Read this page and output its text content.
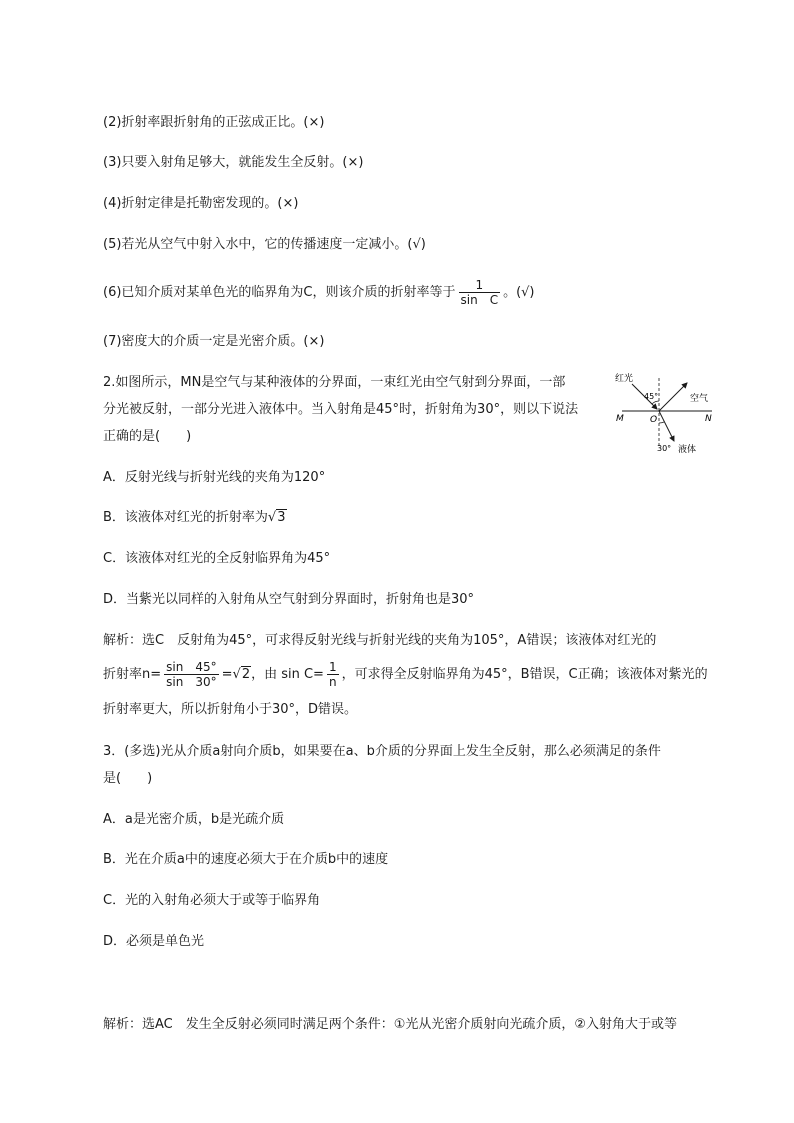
(2)折射率跟折射角的正弦成正比。(×)
(3)只要入射角足够大，就能发生全反射。(×)
(4)折射定律是托勒密发现的。(×)
(5)若光从空气中射入水中，它的传播速度一定减小。(√)
(6)已知介质对某单色光的临界角为C，则该介质的折射率等于 $\frac{1}{\text{sin　C}}$ 。(√)
(7)密度大的介质一定是光密介质。(×)
2.如图所示，MN是空气与某种液体的分界面，一束红光由空气射到分界面，一部
分光被反射，一部分光进入液体中。当入射角是45°时，折射角为30°，则以下说法
正确的是(　　)
红光
空气
45°
M	N
O
30° 液体
A．反射光线与折射光线的夹角为120°
B．该液体对红光的折射率为√3
C．该液体对红光的全反射临界角为45°
D．当紫光以同样的入射角从空气射到分界面时，折射角也是30°
解析：选C　反射角为45°，可求得反射光线与折射光线的夹角为105°，A错误；该液体对红光的
折射率$n= \frac{\sin 45^\circ}{\sin 30^\circ} =√2$，由 $\sin C= \frac{1}{n}$ ，可求得全反射临界角为45°，B错误，C正确；该液体对紫光的
折射率更大，所以折射角小于30°，D错误。
3．(多选)光从介质a射向介质b，如果要在a、b介质的分界面上发生全反射，那么必须满足的条件
是(　　)
A．a是光密介质，b是光疏介质
B．光在介质a中的速度必须大于在介质b中的速度
C．光的入射角必须大于或等于临界角
D．必须是单色光
解析：选AC　发生全反射必须同时满足两个条件：①光从光密介质射向光疏介质，②入射角大于或等
